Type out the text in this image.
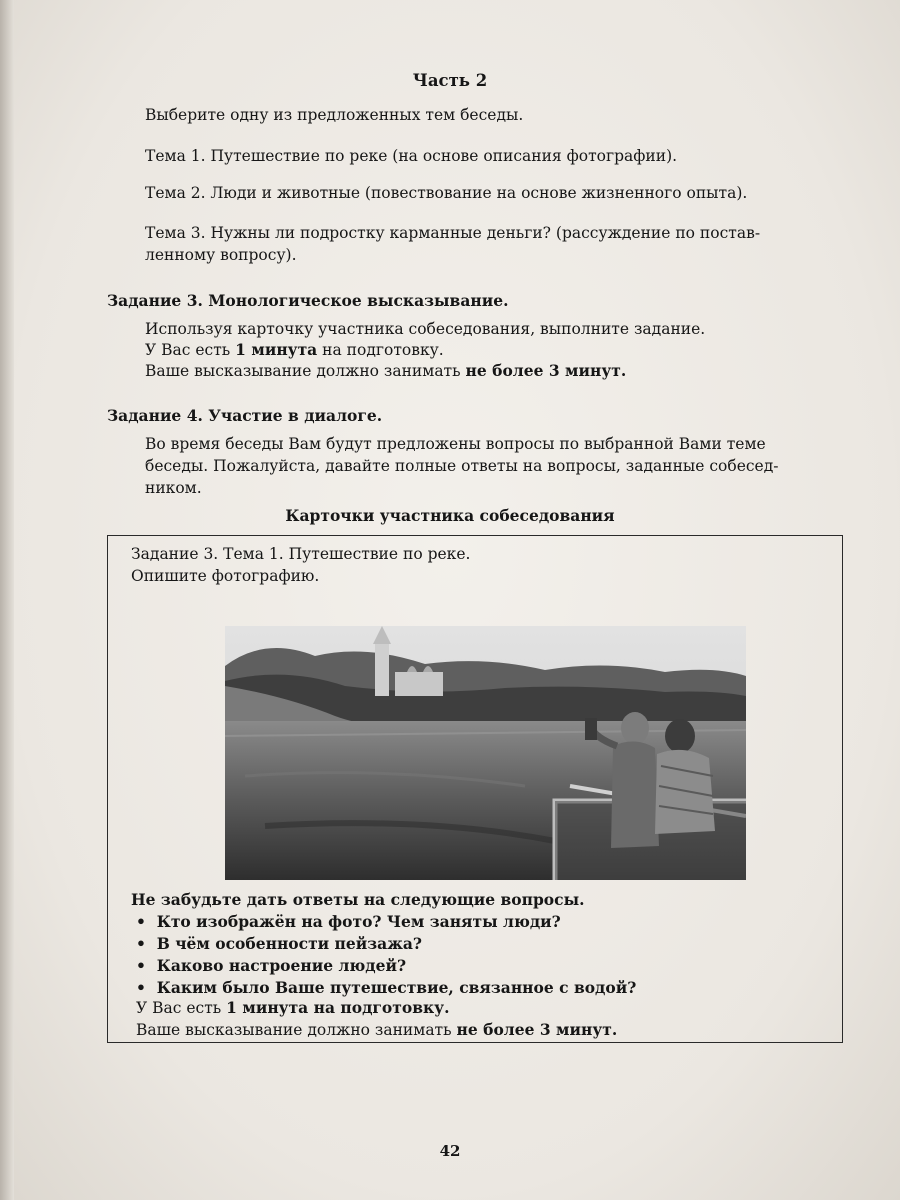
Часть 2
Выберите одну из предложенных тем беседы.
Тема 1. Путешествие по реке (на основе описания фотографии).
Тема 2. Люди и животные (повествование на основе жизненного опыта).
Тема 3. Нужны ли подростку карманные деньги? (рассуждение по постав-
ленному вопросу).
Задание 3. Монологическое высказывание.
Используя карточку участника собеседования, выполните задание.
У Вас есть 1 минута на подготовку.
Ваше высказывание должно занимать не более 3 минут.
Задание 4. Участие в диалоге.
Во время беседы Вам будут предложены вопросы по выбранной Вами теме
беседы. Пожалуйста, давайте полные ответы на вопросы, заданные собесед-
ником.
Карточки участника собеседования
Задание 3. Тема 1. Путешествие по реке.
Опишите фотографию.
Не забудьте дать ответы на следующие вопросы.
• Кто изображён на фото? Чем заняты люди?
• В чём особенности пейзажа?
• Каково настроение людей?
• Каким было Ваше путешествие, связанное с водой?
У Вас есть 1 минута на подготовку.
Ваше высказывание должно занимать не более 3 минут.
42
